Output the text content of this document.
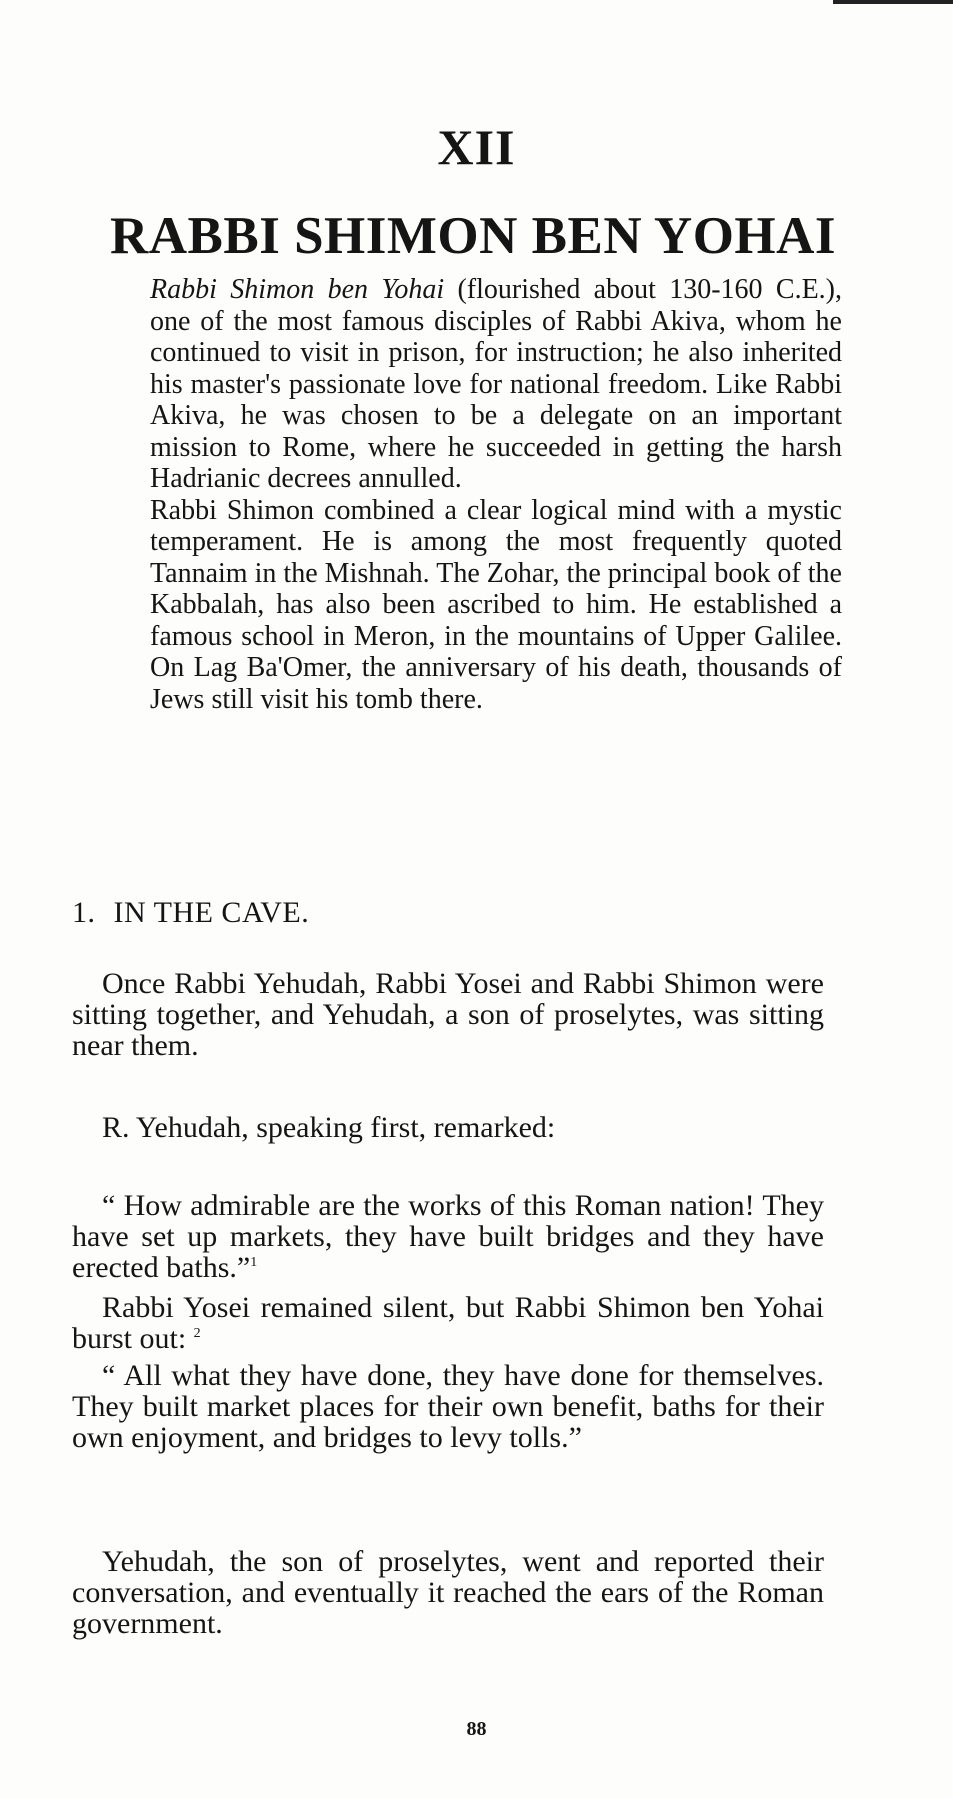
XII
RABBI SHIMON BEN YOHAI

Rabbi Shimon ben Yohai (flourished about 130-160 C.E.), one of the most famous disciples of Rabbi Akiva, whom he continued to visit in prison, for instruction; he also inherited his master's passionate love for national freedom. Like Rabbi Akiva, he was chosen to be a delegate on an important mission to Rome, where he succeeded in getting the harsh Hadrianic decrees annulled.

Rabbi Shimon combined a clear logical mind with a mystic temperament. He is among the most frequently quoted Tannaim in the Mishnah. The Zohar, the principal book of the Kabbalah, has also been ascribed to him. He established a famous school in Meron, in the mountains of Upper Galilee. On Lag Ba'Omer, the anniversary of his death, thousands of Jews still visit his tomb there.

1. IN THE CAVE.

Once Rabbi Yehudah, Rabbi Yosei and Rabbi Shimon were sitting together, and Yehudah, a son of proselytes, was sitting near them.

R. Yehudah, speaking first, remarked:

“ How admirable are the works of this Roman nation! They have set up markets, they have built bridges and they have erected baths.”$^1$

Rabbi Yosei remained silent, but Rabbi Shimon ben Yohai burst out: $^2$

“ All what they have done, they have done for themselves. They built market places for their own benefit, baths for their own enjoyment, and bridges to levy tolls.”

Yehudah, the son of proselytes, went and reported their conversation, and eventually it reached the ears of the Roman government.

88
